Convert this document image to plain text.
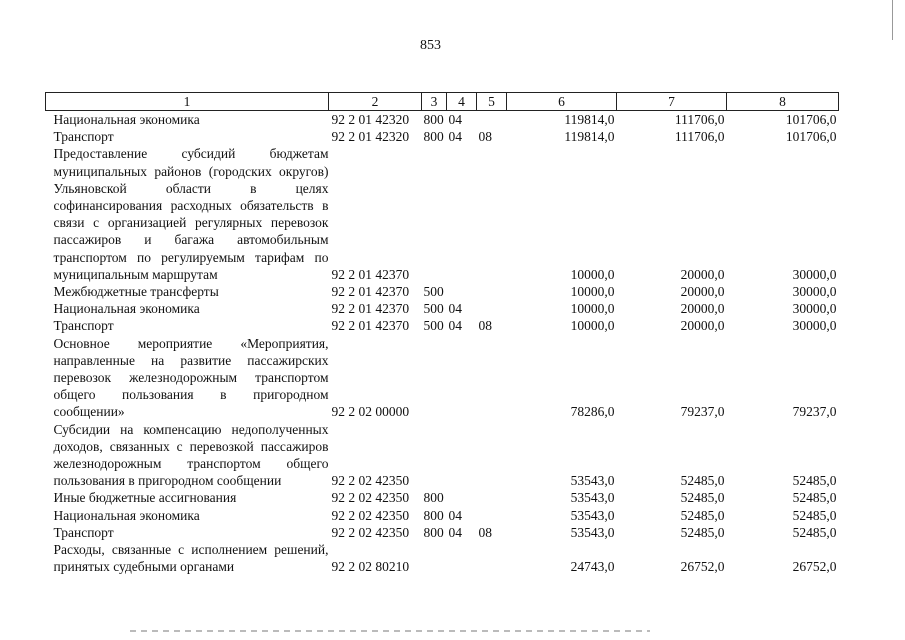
853
1	2	3	4	5	6	7	8
Национальная экономика	92 2 01 42320	800	04		119814,0	111706,0	101706,0
Транспорт	92 2 01 42320	800	04	08	119814,0	111706,0	101706,0
Предоставление субсидий бюджетам муниципальных районов (городских округов) Ульяновской области в целях софинансирования расходных обязательств в связи с организацией регулярных перевозок пассажиров и багажа автомобильным транспортом по регулируемым тарифам по муниципальным маршрутам	92 2 01 42370				10000,0	20000,0	30000,0
Межбюджетные трансферты	92 2 01 42370	500			10000,0	20000,0	30000,0
Национальная экономика	92 2 01 42370	500	04		10000,0	20000,0	30000,0
Транспорт	92 2 01 42370	500	04	08	10000,0	20000,0	30000,0
Основное мероприятие «Мероприятия, направленные на развитие пассажирских перевозок железнодорожным транспортом общего пользования в пригородном сообщении»	92 2 02 00000				78286,0	79237,0	79237,0
Субсидии на компенсацию недополученных доходов, связанных с перевозкой пассажиров железнодорожным транспортом общего пользования в пригородном сообщении	92 2 02 42350				53543,0	52485,0	52485,0
Иные бюджетные ассигнования	92 2 02 42350	800			53543,0	52485,0	52485,0
Национальная экономика	92 2 02 42350	800	04		53543,0	52485,0	52485,0
Транспорт	92 2 02 42350	800	04	08	53543,0	52485,0	52485,0
Расходы, связанные с исполнением решений, принятых судебными органами	92 2 02 80210				24743,0	26752,0	26752,0
